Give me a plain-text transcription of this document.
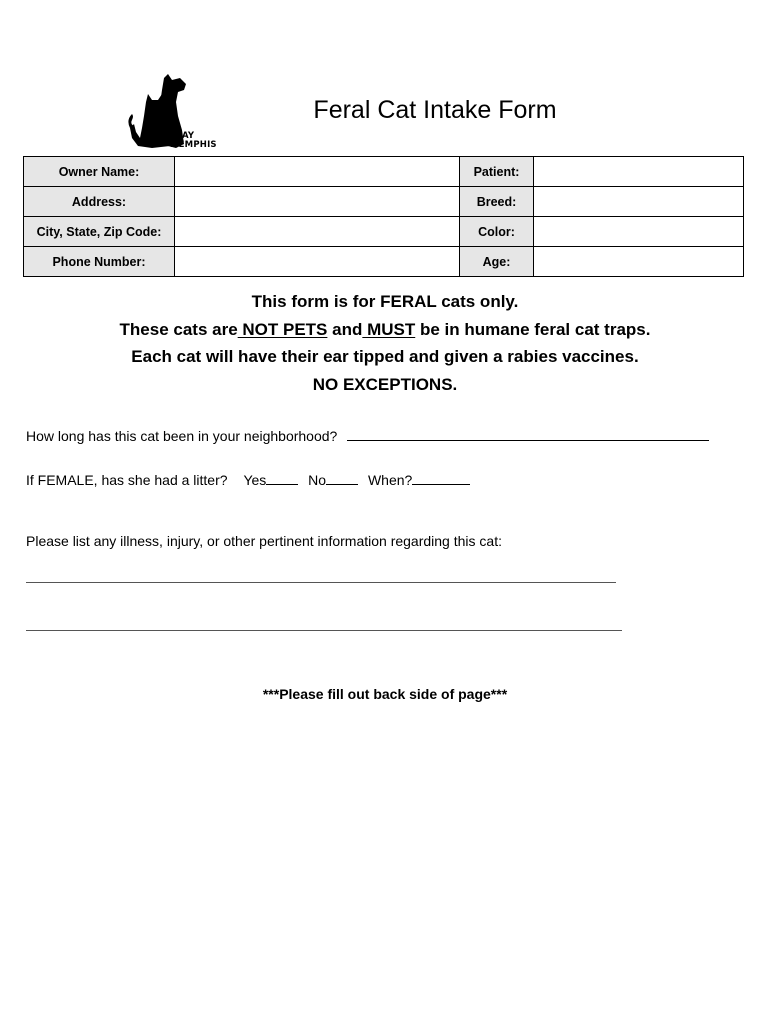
SPAY
MEMPHIS
Feral Cat Intake Form
Owner Name:		Patient:	
Address:		Breed:	
City, State, Zip Code:		Color:	
Phone Number:		Age:	
This form is for FERAL cats only.
These cats are NOT PETS and MUST be in humane feral cat traps.
Each cat will have their ear tipped and given a rabies vaccines.
NO EXCEPTIONS.
How long has this cat been in your neighborhood?
If FEMALE, has she had a litter? Yes	No	When?
Please list any illness, injury, or other pertinent information regarding this cat:
***Please fill out back side of page***
